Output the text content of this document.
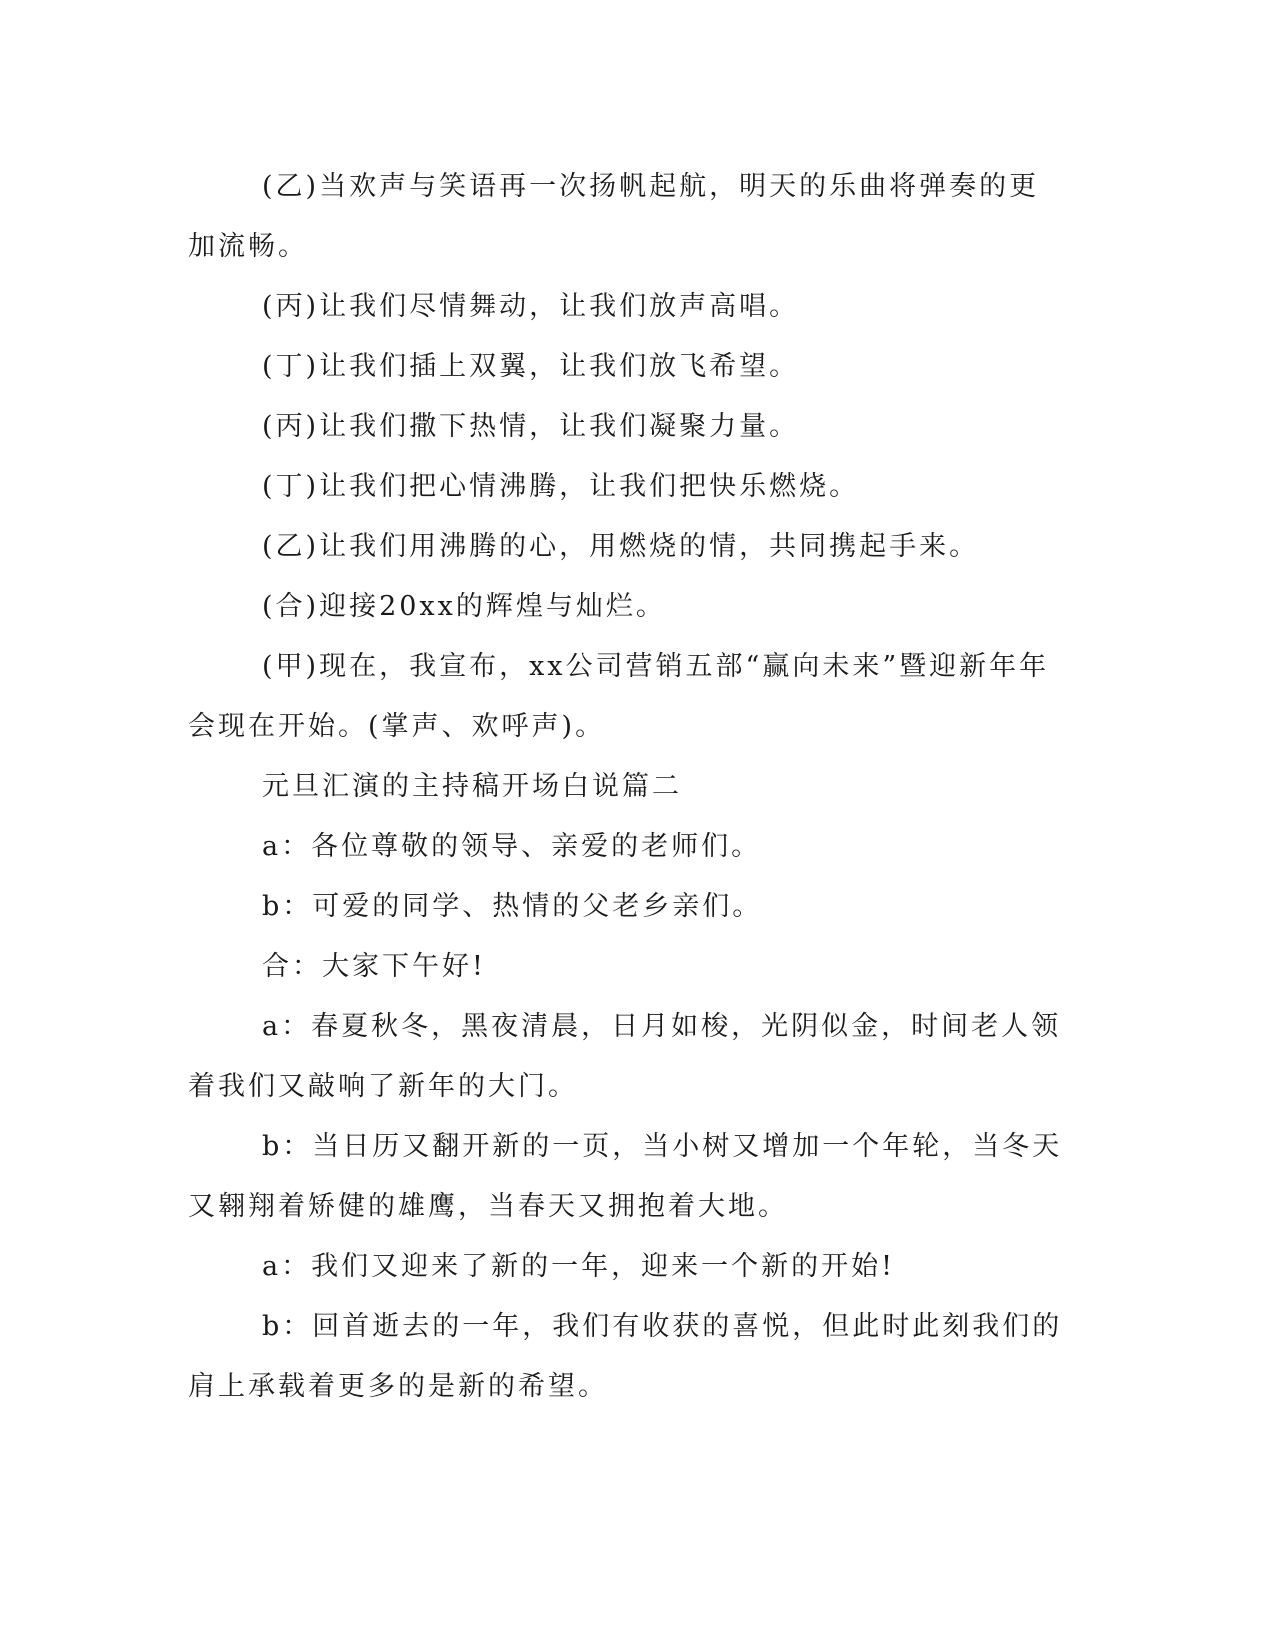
(乙)当欢声与笑语再一次扬帆起航，明天的乐曲将弹奏的更加流畅。

(丙)让我们尽情舞动，让我们放声高唱。

(丁)让我们插上双翼，让我们放飞希望。

(丙)让我们撒下热情，让我们凝聚力量。

(丁)让我们把心情沸腾，让我们把快乐燃烧。

(乙)让我们用沸腾的心，用燃烧的情，共同携起手来。

(合)迎接20xx的辉煌与灿烂。

(甲)现在，我宣布，xx公司营销五部“赢向未来”暨迎新年年会现在开始。(掌声、欢呼声)。

元旦汇演的主持稿开场白说篇二

a：各位尊敬的领导、亲爱的老师们。

b：可爱的同学、热情的父老乡亲们。

合：大家下午好!

a：春夏秋冬，黑夜清晨，日月如梭，光阴似金，时间老人领着我们又敲响了新年的大门。

b：当日历又翻开新的一页，当小树又增加一个年轮，当冬天又翱翔着矫健的雄鹰，当春天又拥抱着大地。

a：我们又迎来了新的一年，迎来一个新的开始!

b：回首逝去的一年，我们有收获的喜悦，但此时此刻我们的肩上承载着更多的是新的希望。
